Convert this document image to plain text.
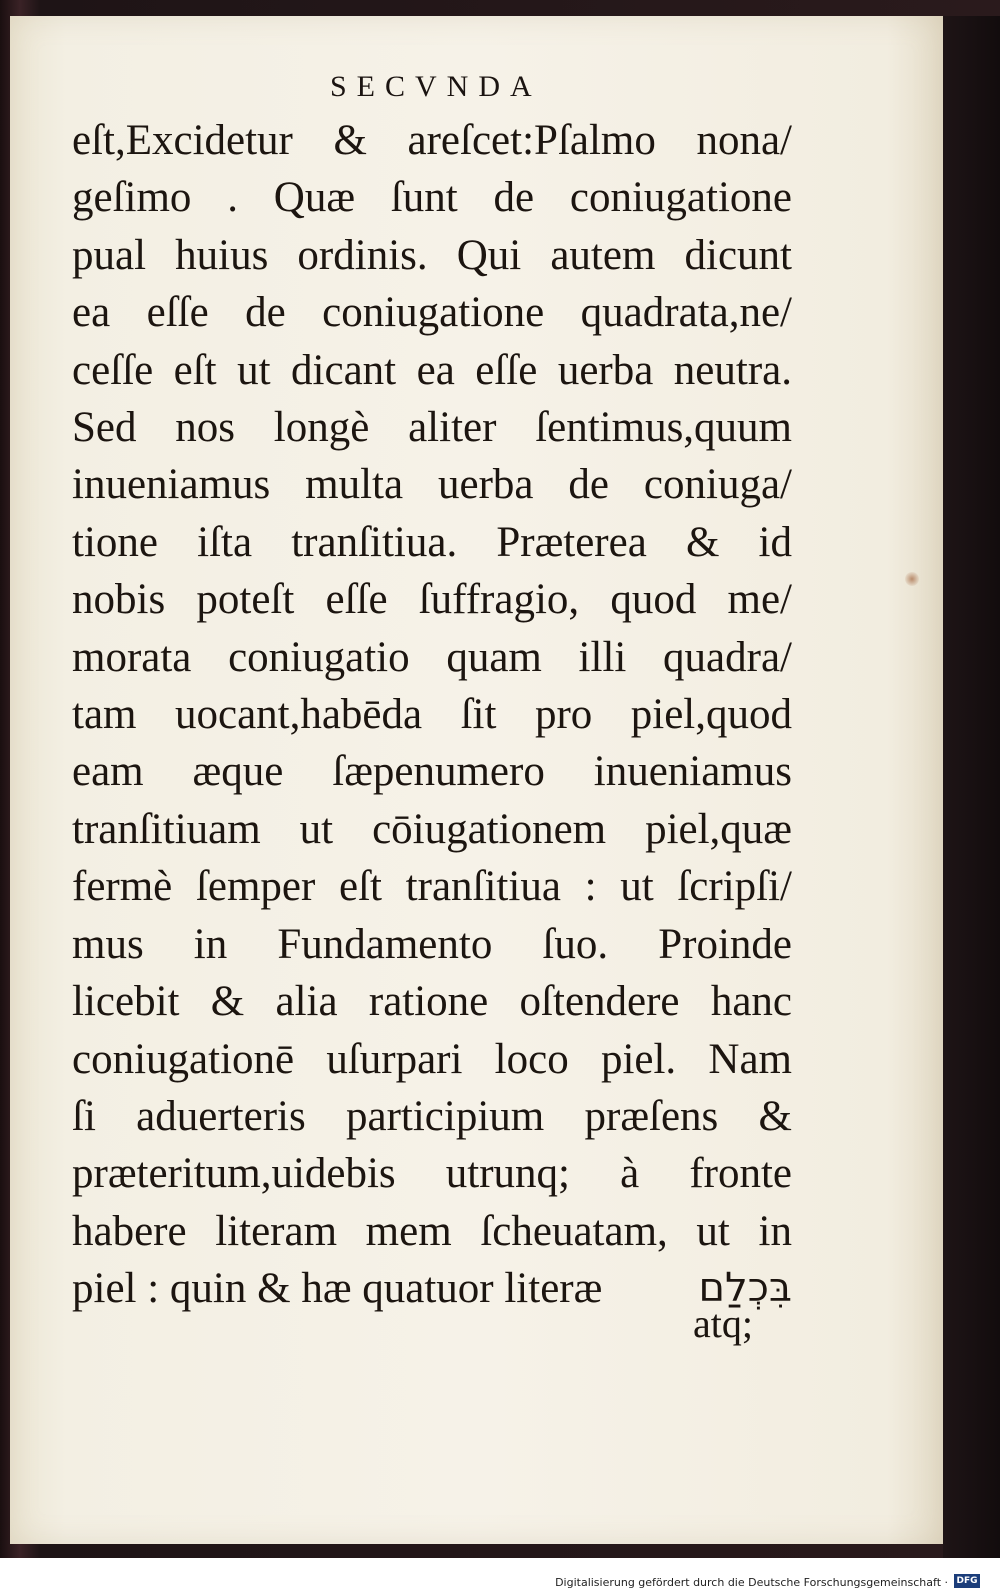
SECVNDA
eſt,Excidetur & areſcet:Pſalmo nona/
geſimo . Quæ ſunt de coniugatione
pual huius ordinis. Qui autem dicunt
ea eſſe de coniugatione quadrata,ne/
ceſſe eſt ut dicant ea eſſe uerba neutra.
Sed nos longè aliter ſentimus,quum
inueniamus multa uerba de coniuga/
tione iſta tranſitiua. Præterea & id
nobis poteſt eſſe ſuffragio, quod me/
morata coniugatio quam illi quadra/
tam uocant,habēda ſit pro piel,quod
eam æque ſæpenumero inueniamus
tranſitiuam ut cōiugationem piel,quæ
fermè ſemper eſt tranſitiua : ut ſcripſi/
mus in Fundamento ſuo. Proinde
licebit & alia ratione oſtendere hanc
coniugationē uſurpari loco piel. Nam
ſi aduerteris participium præſens &
præteritum,uidebis utrunq; à fronte
habere literam mem ſcheuatam, ut in
piel : quin & hæ quatuor literæ בִּכְלַם
atq;
Digitalisierung gefördert durch die Deutsche Forschungsgemeinschaft · DFG
